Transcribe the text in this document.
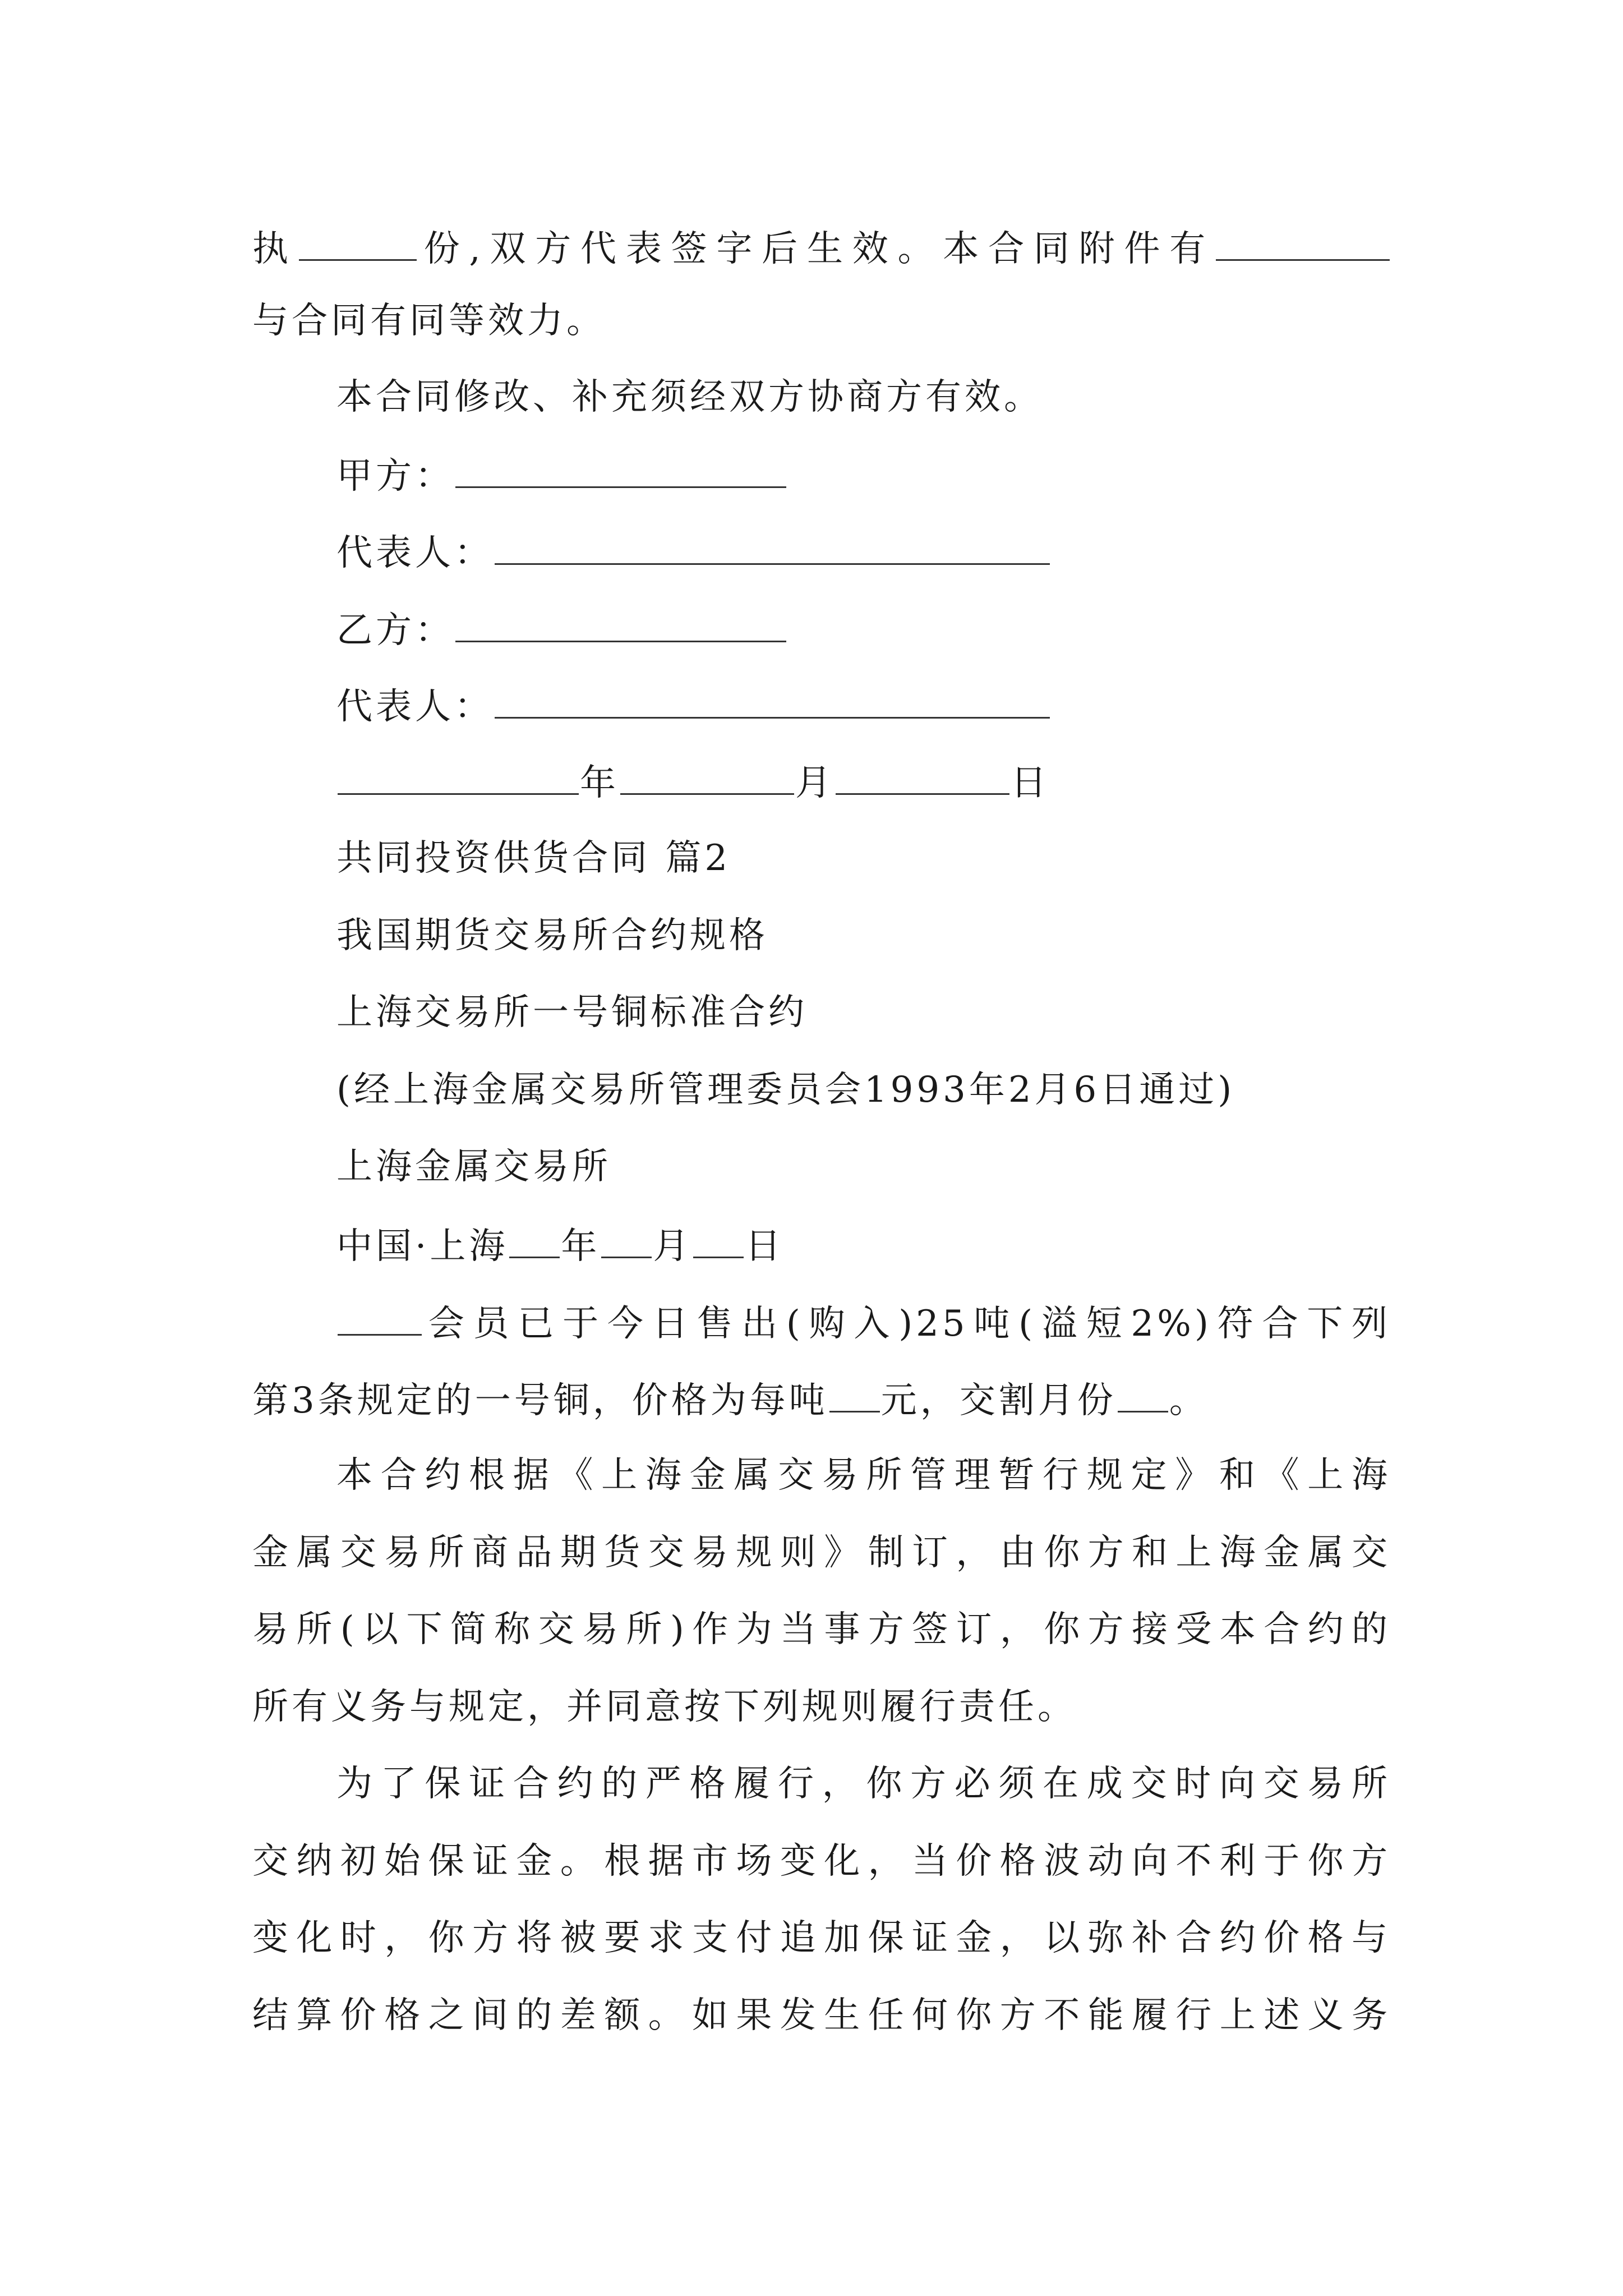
执	份,双方代表签字后生效。本合同附件有
与合同有同等效力。
本合同修改、补充须经双方协商方有效。
甲方：
代表人：
乙方：
代表人：
年	月	日
共同投资供货合同 篇2
我国期货交易所合约规格
上海交易所一号铜标准合约
(经上海金属交易所管理委员会1993年2月6日通过)
上海金属交易所
中国·上海 年 月 日
会员已于今日售出(购入)25吨(溢短2%)符合下列
第3条规定的一号铜，价格为每吨 元，交割月份 。
本合约根据《上海金属交易所管理暂行规定》和《上海
金属交易所商品期货交易规则》制订，由你方和上海金属交
易所(以下简称交易所)作为当事方签订，你方接受本合约的
所有义务与规定，并同意按下列规则履行责任。
为了保证合约的严格履行，你方必须在成交时向交易所
交纳初始保证金。根据市场变化，当价格波动向不利于你方
变化时，你方将被要求支付追加保证金，以弥补合约价格与
结算价格之间的差额。如果发生任何你方不能履行上述义务
